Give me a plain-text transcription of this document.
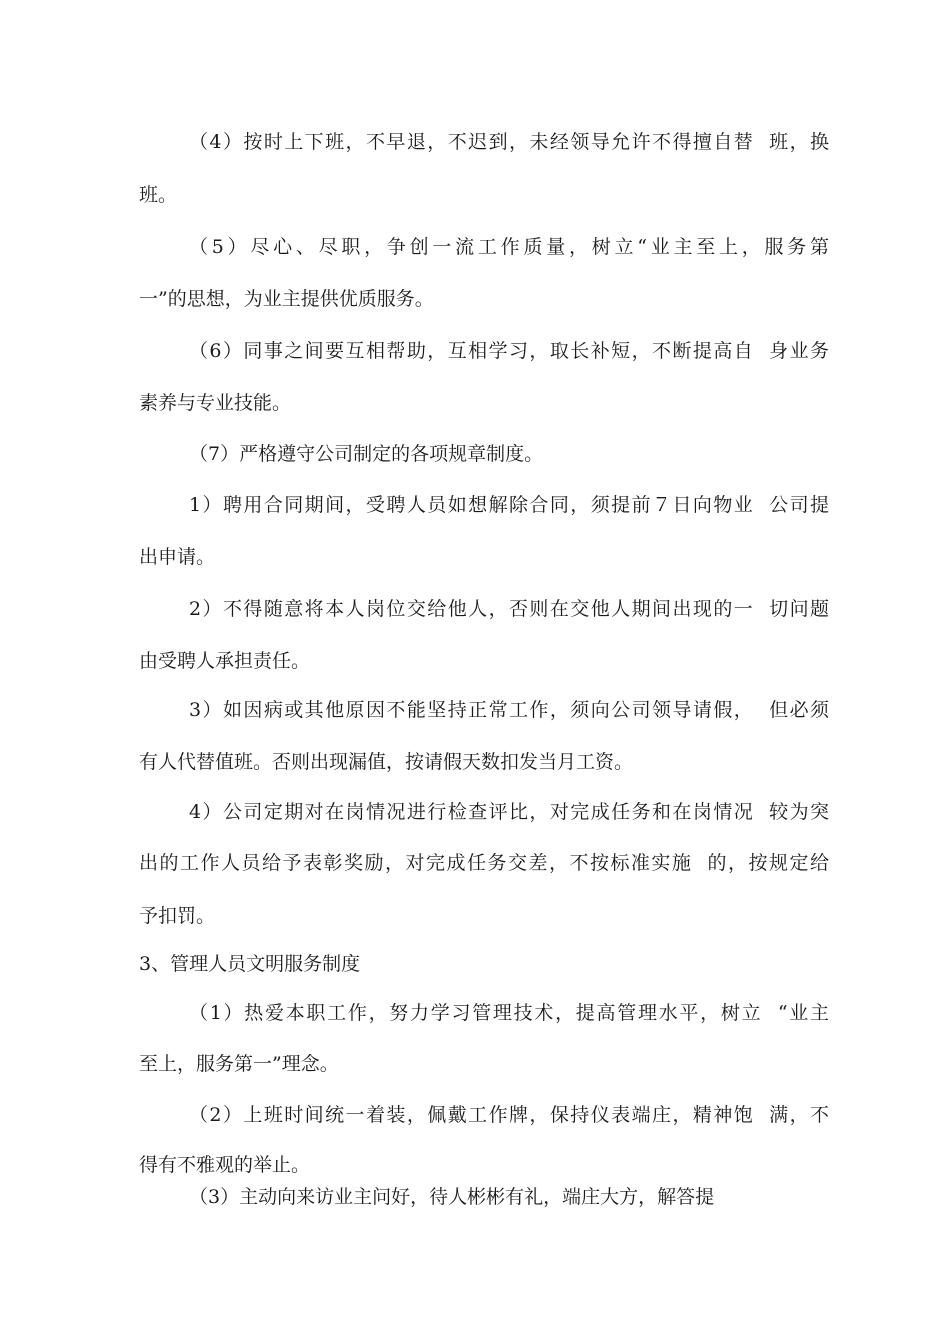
（4）按时上下班，不早退，不迟到，未经领导允许不得擅自替  班，换
班。
（5）尽心、尽职，争创一流工作质量，树立“业主至上，服务第
一”的思想，为业主提供优质服务。
（6）同事之间要互相帮助，互相学习，取长补短，不断提高自  身业务
素养与专业技能。
（7）严格遵守公司制定的各项规章制度。
1）聘用合同期间，受聘人员如想解除合同，须提前７日向物业  公司提
出申请。
2）不得随意将本人岗位交给他人，否则在交他人期间出现的一  切问题
由受聘人承担责任。
3）如因病或其他原因不能坚持正常工作，须向公司领导请假，  但必须
有人代替值班。否则出现漏值，按请假天数扣发当月工资。
4）公司定期对在岗情况进行检查评比，对完成任务和在岗情况  较为突
出的工作人员给予表彰奖励，对完成任务交差，不按标准实施  的，按规定给
予扣罚。
3、管理人员文明服务制度
（1）热爱本职工作，努力学习管理技术，提高管理水平，树立  “业主
至上，服务第一”理念。
（2）上班时间统一着装，佩戴工作牌，保持仪表端庄，精神饱  满，不
得有不雅观的举止。
（3）主动向来访业主问好，待人彬彬有礼，端庄大方，解答提
